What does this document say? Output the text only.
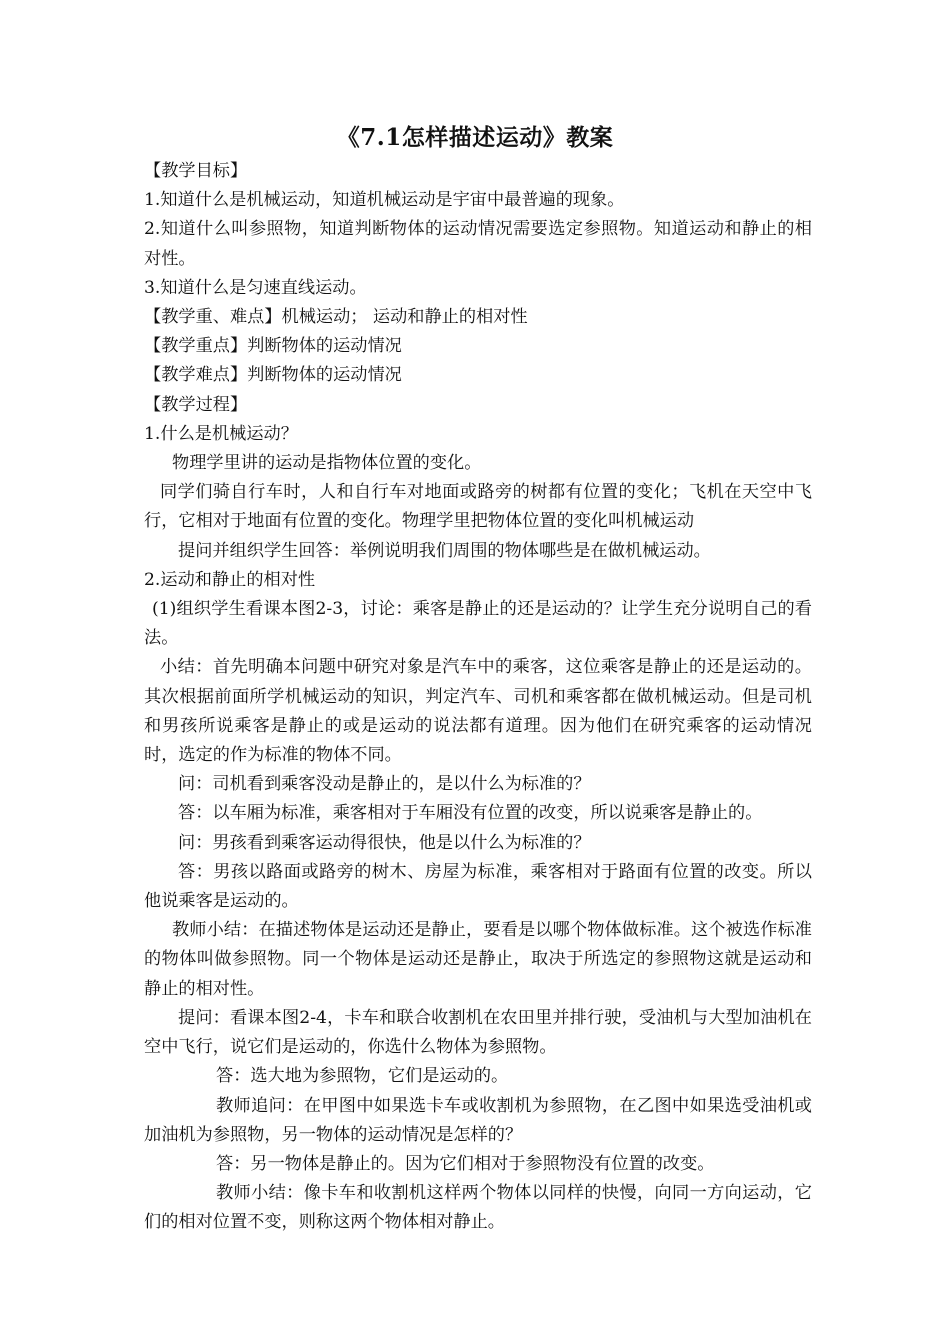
《7.1怎样描述运动》教案

【教学目标】

1.知道什么是机械运动，知道机械运动是宇宙中最普遍的现象。

2.知道什么叫参照物，知道判断物体的运动情况需要选定参照物。知道运动和静止的相对性。

3.知道什么是匀速直线运动。

【教学重、难点】机械运动； 运动和静止的相对性

【教学重点】判断物体的运动情况

【教学难点】判断物体的运动情况

【教学过程】

1.什么是机械运动？

物理学里讲的运动是指物体位置的变化。

同学们骑自行车时，人和自行车对地面或路旁的树都有位置的变化；飞机在天空中飞行，它相对于地面有位置的变化。物理学里把物体位置的变化叫机械运动

提问并组织学生回答：举例说明我们周围的物体哪些是在做机械运动。

2.运动和静止的相对性

(1)组织学生看课本图2-3，讨论：乘客是静止的还是运动的？让学生充分说明自己的看法。

小结：首先明确本问题中研究对象是汽车中的乘客，这位乘客是静止的还是运动的。其次根据前面所学机械运动的知识，判定汽车、司机和乘客都在做机械运动。但是司机和男孩所说乘客是静止的或是运动的说法都有道理。因为他们在研究乘客的运动情况时，选定的作为标准的物体不同。

问：司机看到乘客没动是静止的，是以什么为标准的？

答：以车厢为标准，乘客相对于车厢没有位置的改变，所以说乘客是静止的。

问：男孩看到乘客运动得很快，他是以什么为标准的？

答：男孩以路面或路旁的树木、房屋为标准，乘客相对于路面有位置的改变。所以他说乘客是运动的。

教师小结：在描述物体是运动还是静止，要看是以哪个物体做标准。这个被选作标准的物体叫做参照物。同一个物体是运动还是静止，取决于所选定的参照物这就是运动和静止的相对性。

提问：看课本图2-4，卡车和联合收割机在农田里并排行驶，受油机与大型加油机在空中飞行，说它们是运动的，你选什么物体为参照物。

答：选大地为参照物，它们是运动的。

教师追问：在甲图中如果选卡车或收割机为参照物，在乙图中如果选受油机或加油机为参照物，另一物体的运动情况是怎样的？

答：另一物体是静止的。因为它们相对于参照物没有位置的改变。

教师小结：像卡车和收割机这样两个物体以同样的快慢，向同一方向运动，它们的相对位置不变，则称这两个物体相对静止。
